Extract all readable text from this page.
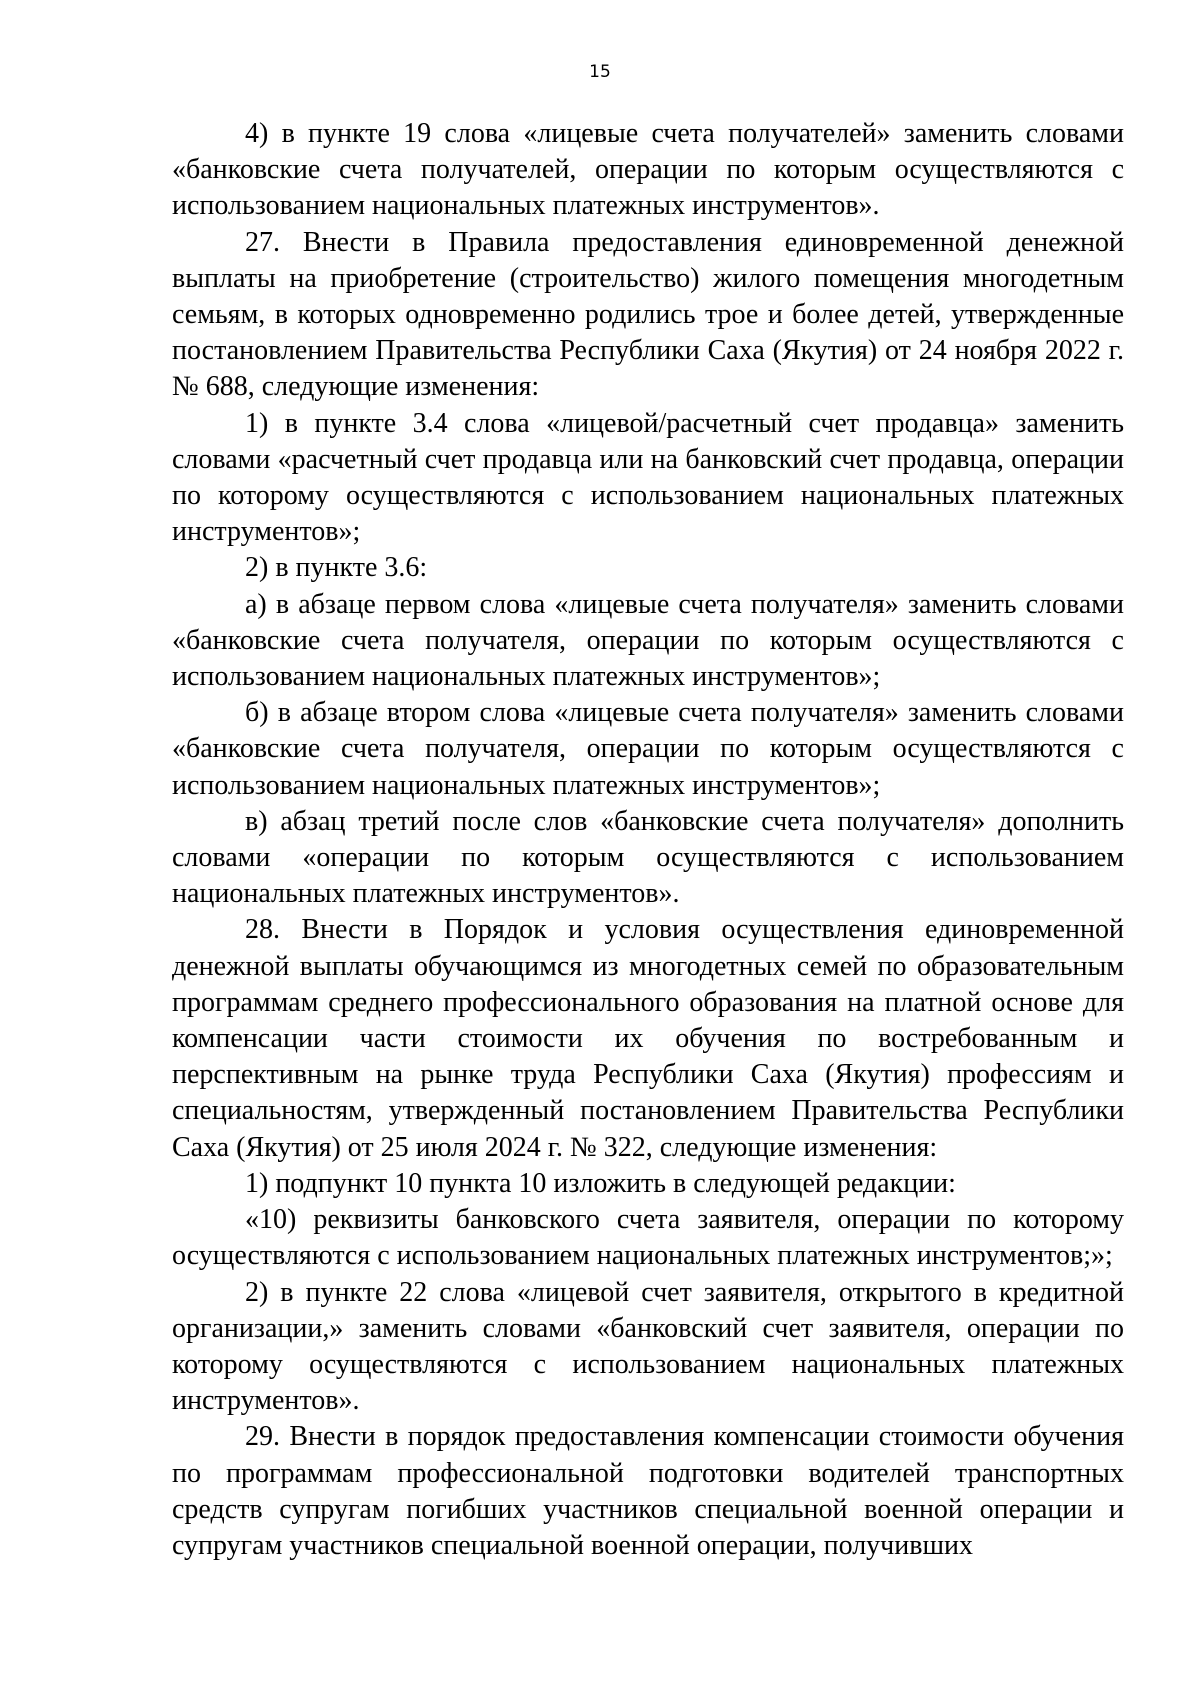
15

4) в пункте 19 слова «лицевые счета получателей» заменить словами «банковские счета получателей, операции по которым осуществляются с использованием национальных платежных инструментов».

27. Внести в Правила предоставления единовременной денежной выплаты на приобретение (строительство) жилого помещения многодетным семьям, в которых одновременно родились трое и более детей, утвержденные постановлением Правительства Республики Саха (Якутия) от 24 ноября 2022 г. № 688, следующие изменения:

1) в пункте 3.4 слова «лицевой/расчетный счет продавца» заменить словами «расчетный счет продавца или на банковский счет продавца, операции по которому осуществляются с использованием национальных платежных инструментов»;

2) в пункте 3.6:

а) в абзаце первом слова «лицевые счета получателя» заменить словами «банковские счета получателя, операции по которым осуществляются с использованием национальных платежных инструментов»;

б) в абзаце втором слова «лицевые счета получателя» заменить словами «банковские счета получателя, операции по которым осуществляются с использованием национальных платежных инструментов»;

в) абзац третий после слов «банковские счета получателя» дополнить словами «операции по которым осуществляются с использованием национальных платежных инструментов».

28. Внести в Порядок и условия осуществления единовременной денежной выплаты обучающимся из многодетных семей по образовательным программам среднего профессионального образования на платной основе для компенсации части стоимости их обучения по востребованным и перспективным на рынке труда Республики Саха (Якутия) профессиям и специальностям, утвержденный постановлением Правительства Республики Саха (Якутия) от 25 июля 2024 г. № 322, следующие изменения:

1) подпункт 10 пункта 10 изложить в следующей редакции:

«10) реквизиты банковского счета заявителя, операции по которому осуществляются с использованием национальных платежных инструментов;»;

2) в пункте 22 слова «лицевой счет заявителя, открытого в кредитной организации,» заменить словами «банковский счет заявителя, операции по которому осуществляются с использованием национальных платежных инструментов».

29. Внести в порядок предоставления компенсации стоимости обучения по программам профессиональной подготовки водителей транспортных средств супругам погибших участников специальной военной операции и супругам участников специальной военной операции, получивших
